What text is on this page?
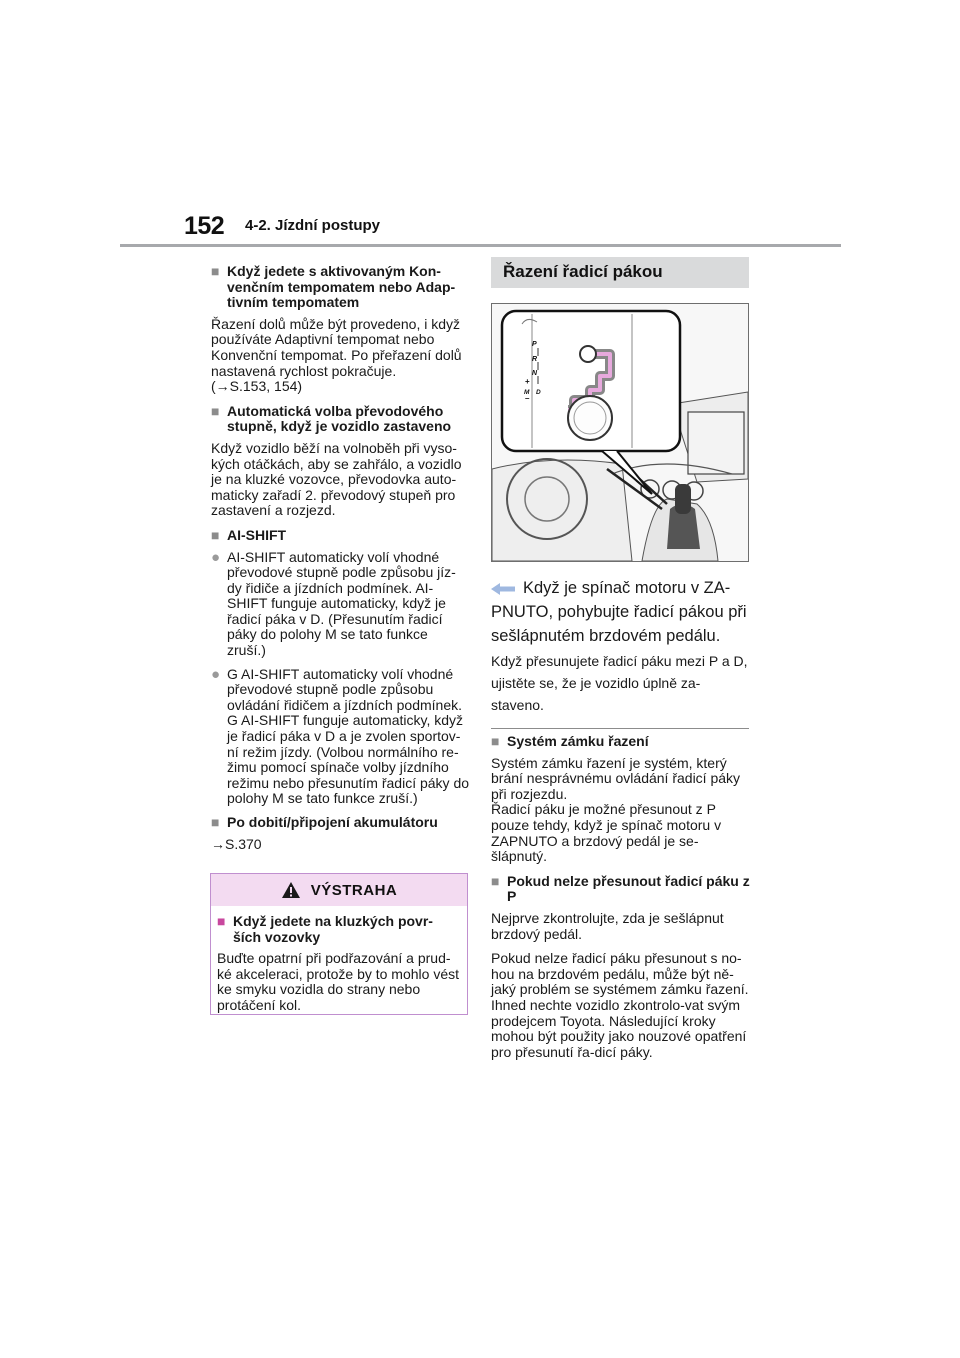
152 4-2. Jízdní postupy
■ Když jedete s aktivovaným Kon-venčním tempomatem nebo Adap-tivním tempomatem

Řazení dolů může být provedeno, i když používáte Adaptivní tempomat nebo Konvenční tempomat. Po přeřazení dolů nastavená rychlost pokračuje.

(→S.153, 154)

■ Automatická volba převodového stupně, když je vozidlo zastaveno

Když vozidlo běží na volnoběh při vyso-kých otáčkách, aby se zahřálo, a vozidlo je na kluzké vozovce, převodovka auto-maticky zařadí 2. převodový stupeň pro zastavení a rozjezd.

■ AI-SHIFT
● AI-SHIFT automaticky volí vhodné převodové stupně podle způsobu jíz-dy řidiče a jízdních podmínek. AI-SHIFT funguje automaticky, když je řadicí páka v D. (Přesunutím řadicí páky do polohy M se tato funkce zruší.)
● G AI-SHIFT automaticky volí vhodné převodové stupně podle způsobu ovládání řidičem a jízdních podmínek. G AI-SHIFT funguje automaticky, když je řadicí páka v D a je zvolen sportov-ní režim jízdy. (Volbou normálního re-žimu pomocí spínače volby jízdního režimu nebo přesunutím řadicí páky do polohy M se tato funkce zruší.)
■ Po dobití/připojení akumulátoru

→S.370

VÝSTRAHA
■ Když jedete na kluzkých povr-ších vozovky

Buďte opatrní při podřazování a prud-ké akceleraci, protože by to mohlo vést ke smyku vozidla do strany nebo protáčení kol.

Řazení řadicí pákou
P
R
N
+
M D
–
Když je spínač motoru v ZA-PNUTO, pohybujte řadicí pákou při sešlápnutém brzdovém pedálu.
Když přesunujete řadicí páku mezi P a D, ujistěte se, že je vozidlo úplně za-staveno.
■ Systém zámku řazení

Systém zámku řazení je systém, který brání nesprávnému ovládání řadicí páky při rozjezdu.

Řadicí páku je možné přesunout z P pouze tehdy, když je spínač motoru v ZAPNUTO a brzdový pedál je se-šlápnutý.

■ Pokud nelze přesunout řadicí páku z P

Nejprve zkontrolujte, zda je sešlápnut brzdový pedál.

Pokud nelze řadicí páku přesunout s no-hou na brzdovém pedálu, může být ně-jaký problém se systémem zámku řazení. Ihned nechte vozidlo zkontrolo-vat svým prodejcem Toyota. Následující kroky mohou být použity jako nouzové opatření pro přesunutí řa-dicí páky.
